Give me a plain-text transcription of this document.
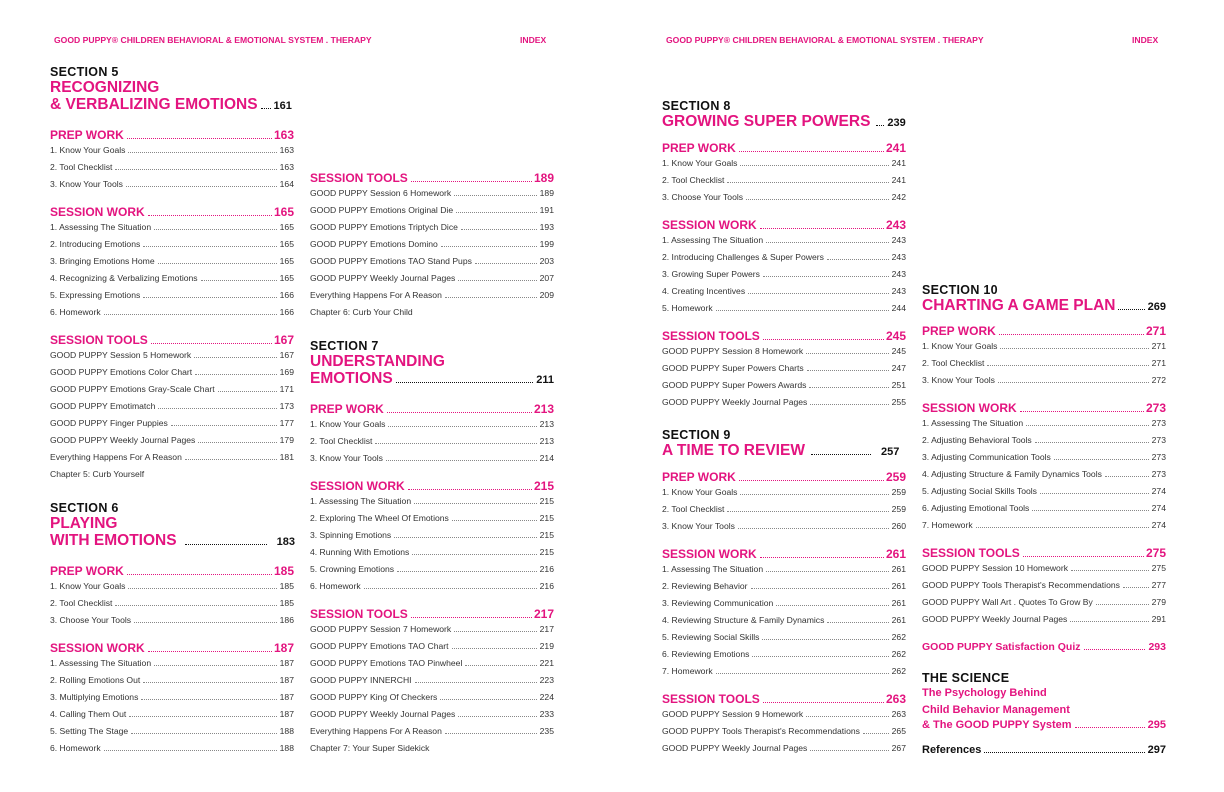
GOOD PUPPY® CHILDREN BEHAVIORAL & EMOTIONAL SYSTEM . THERAPY	INDEX	GOOD PUPPY® CHILDREN BEHAVIORAL & EMOTIONAL SYSTEM . THERAPY	INDEX
SECTION 5
RECOGNIZING
& VERBALIZING EMOTIONS 161
PREP WORK	163
1. Know Your Goals	163
2. Tool Checklist	163
3. Know Your Tools	164
SESSION WORK	165
1. Assessing The Situation	165
2. Introducing Emotions	165
3. Bringing Emotions Home	165
4. Recognizing & Verbalizing Emotions	165
5. Expressing Emotions	166
6. Homework	166
SESSION TOOLS	167
GOOD PUPPY Session 5 Homework	167
GOOD PUPPY Emotions Color Chart	169
GOOD PUPPY Emotions Gray-Scale Chart	171
GOOD PUPPY Emotimatch	173
GOOD PUPPY Finger Puppies	177
GOOD PUPPY Weekly Journal Pages	179
Everything Happens For A Reason	181
Chapter 5: Curb Yourself
SECTION 6
PLAYING
WITH EMOTIONS	183
PREP WORK	185
1. Know Your Goals	185
2. Tool Checklist	185
3. Choose Your Tools	186
SESSION WORK	187
1. Assessing The Situation	187
2. Rolling Emotions Out	187
3. Multiplying Emotions	187
4. Calling Them Out	187
5. Setting The Stage	188
6. Homework	188
SESSION TOOLS	189
GOOD PUPPY Session 6 Homework	189
GOOD PUPPY Emotions Original Die	191
GOOD PUPPY Emotions Triptych Dice	193
GOOD PUPPY Emotions Domino	199
GOOD PUPPY Emotions TAO Stand Pups	203
GOOD PUPPY Weekly Journal Pages	207
Everything Happens For A Reason	209
Chapter 6: Curb Your Child
SECTION 7
UNDERSTANDING
EMOTIONS	211
PREP WORK	213
1. Know Your Goals	213
2. Tool Checklist	213
3. Know Your Tools	214
SESSION WORK	215
1. Assessing The Situation	215
2. Exploring The Wheel Of Emotions	215
3. Spinning Emotions	215
4. Running With Emotions	215
5. Crowning Emotions	216
6. Homework	216
SESSION TOOLS	217
GOOD PUPPY Session 7 Homework	217
GOOD PUPPY Emotions TAO Chart	219
GOOD PUPPY Emotions TAO Pinwheel	221
GOOD PUPPY INNERCHI	223
GOOD PUPPY King Of Checkers	224
GOOD PUPPY Weekly Journal Pages	233
Everything Happens For A Reason	235
Chapter 7: Your Super Sidekick
SECTION 8
GROWING SUPER POWERS 239
PREP WORK	241
1. Know Your Goals	241
2. Tool Checklist	241
3. Choose Your Tools	242
SESSION WORK	243
1. Assessing The Situation	243
2. Introducing Challenges & Super Powers	243
3. Growing Super Powers	243
4. Creating Incentives	243
5. Homework	244
SESSION TOOLS	245
GOOD PUPPY Session 8 Homework	245
GOOD PUPPY Super Powers Charts	247
GOOD PUPPY Super Powers Awards	251
GOOD PUPPY Weekly Journal Pages	255
SECTION 9
A TIME TO REVIEW	257
PREP WORK	259
1. Know Your Goals	259
2. Tool Checklist	259
3. Know Your Tools	260
SESSION WORK	261
1. Assessing The Situation	261
2. Reviewing Behavior	261
3. Reviewing Communication	261
4. Reviewing Structure & Family Dynamics	261
5. Reviewing Social Skills	262
6. Reviewing Emotions	262
7. Homework	262
SESSION TOOLS	263
GOOD PUPPY Session 9 Homework	263
GOOD PUPPY Tools Therapist's Recommendations	265
GOOD PUPPY Weekly Journal Pages	267
SECTION 10
CHARTING A GAME PLAN	269
PREP WORK	271
1. Know Your Goals	271
2. Tool Checklist	271
3. Know Your Tools	272
SESSION WORK	273
1. Assessing The Situation	273
2. Adjusting Behavioral Tools	273
3. Adjusting Communication Tools	273
4. Adjusting Structure & Family Dynamics Tools	273
5. Adjusting Social Skills Tools	274
6. Adjusting Emotional Tools	274
7. Homework	274
SESSION TOOLS	275
GOOD PUPPY Session 10 Homework	275
GOOD PUPPY Tools Therapist's Recommendations	277
GOOD PUPPY Wall Art . Quotes To Grow By	279
GOOD PUPPY Weekly Journal Pages	291
GOOD PUPPY Satisfaction Quiz	293
THE SCIENCE
The Psychology Behind
Child Behavior Management
& The GOOD PUPPY System	295
References	297
